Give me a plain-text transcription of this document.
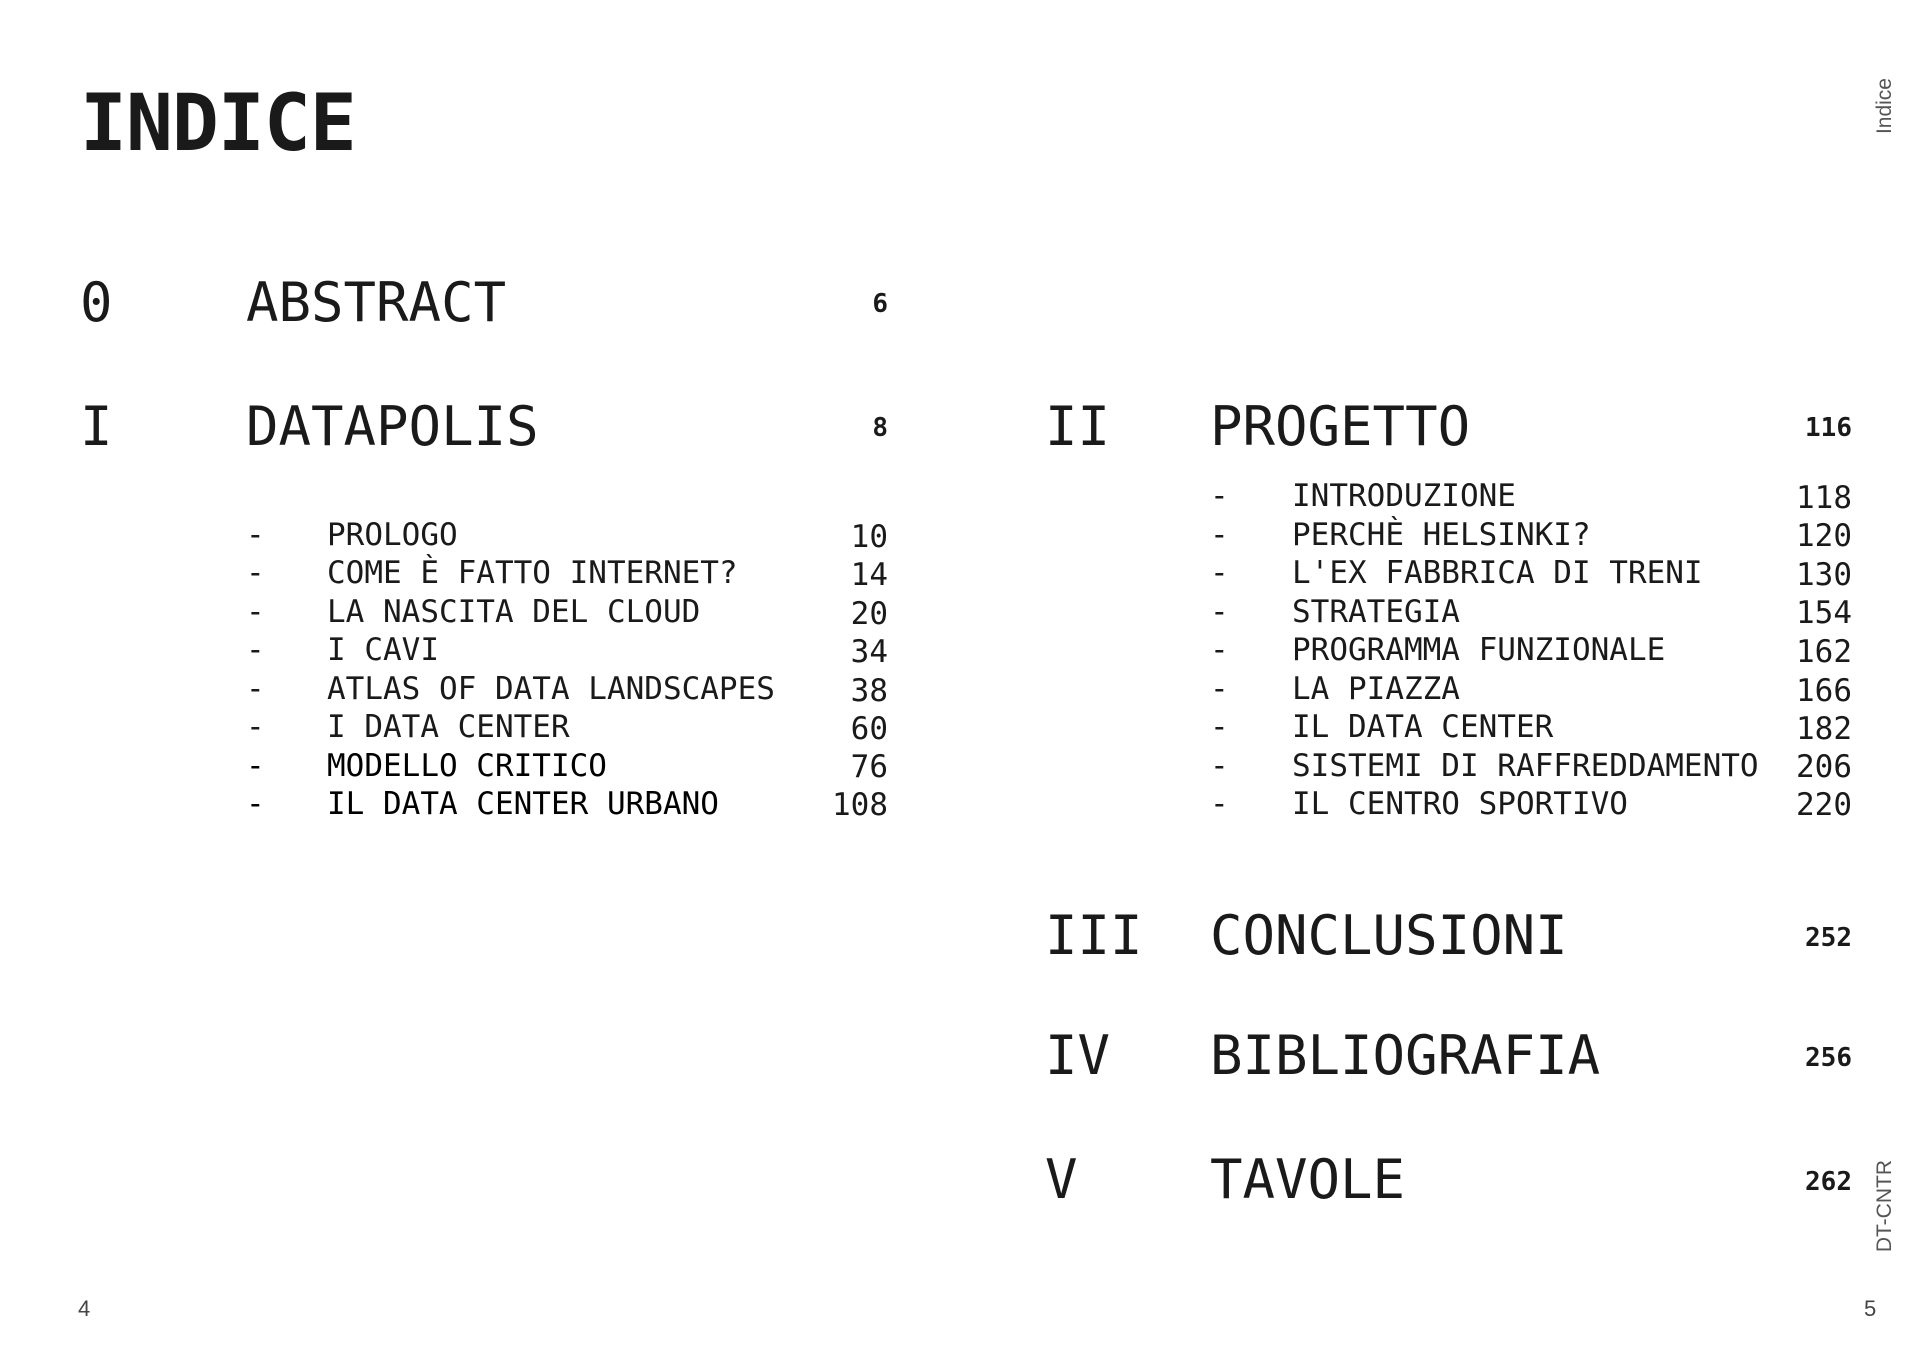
INDICE	Indice
DT-CNTR
0 ABSTRACT	6
I DATAPOLIS	8
- PROLOGO	10
- COME È FATTO INTERNET?	14
- LA NASCITA DEL CLOUD	20
- I CAVI	34
- ATLAS OF DATA LANDSCAPES	38
- I DATA CENTER	60
- MODELLO CRITICO	76
- IL DATA CENTER URBANO	108
II PROGETTO	116
- INTRODUZIONE	118
- PERCHÈ HELSINKI?	120
- L'EX FABBRICA DI TRENI	130
- STRATEGIA	154
- PROGRAMMA FUNZIONALE	162
- LA PIAZZA	166
- IL DATA CENTER	182
- SISTEMI DI RAFFREDDAMENTO	206
- IL CENTRO SPORTIVO	220
III CONCLUSIONI	252
IV BIBLIOGRAFIA	256
V TAVOLE	262
4	5
